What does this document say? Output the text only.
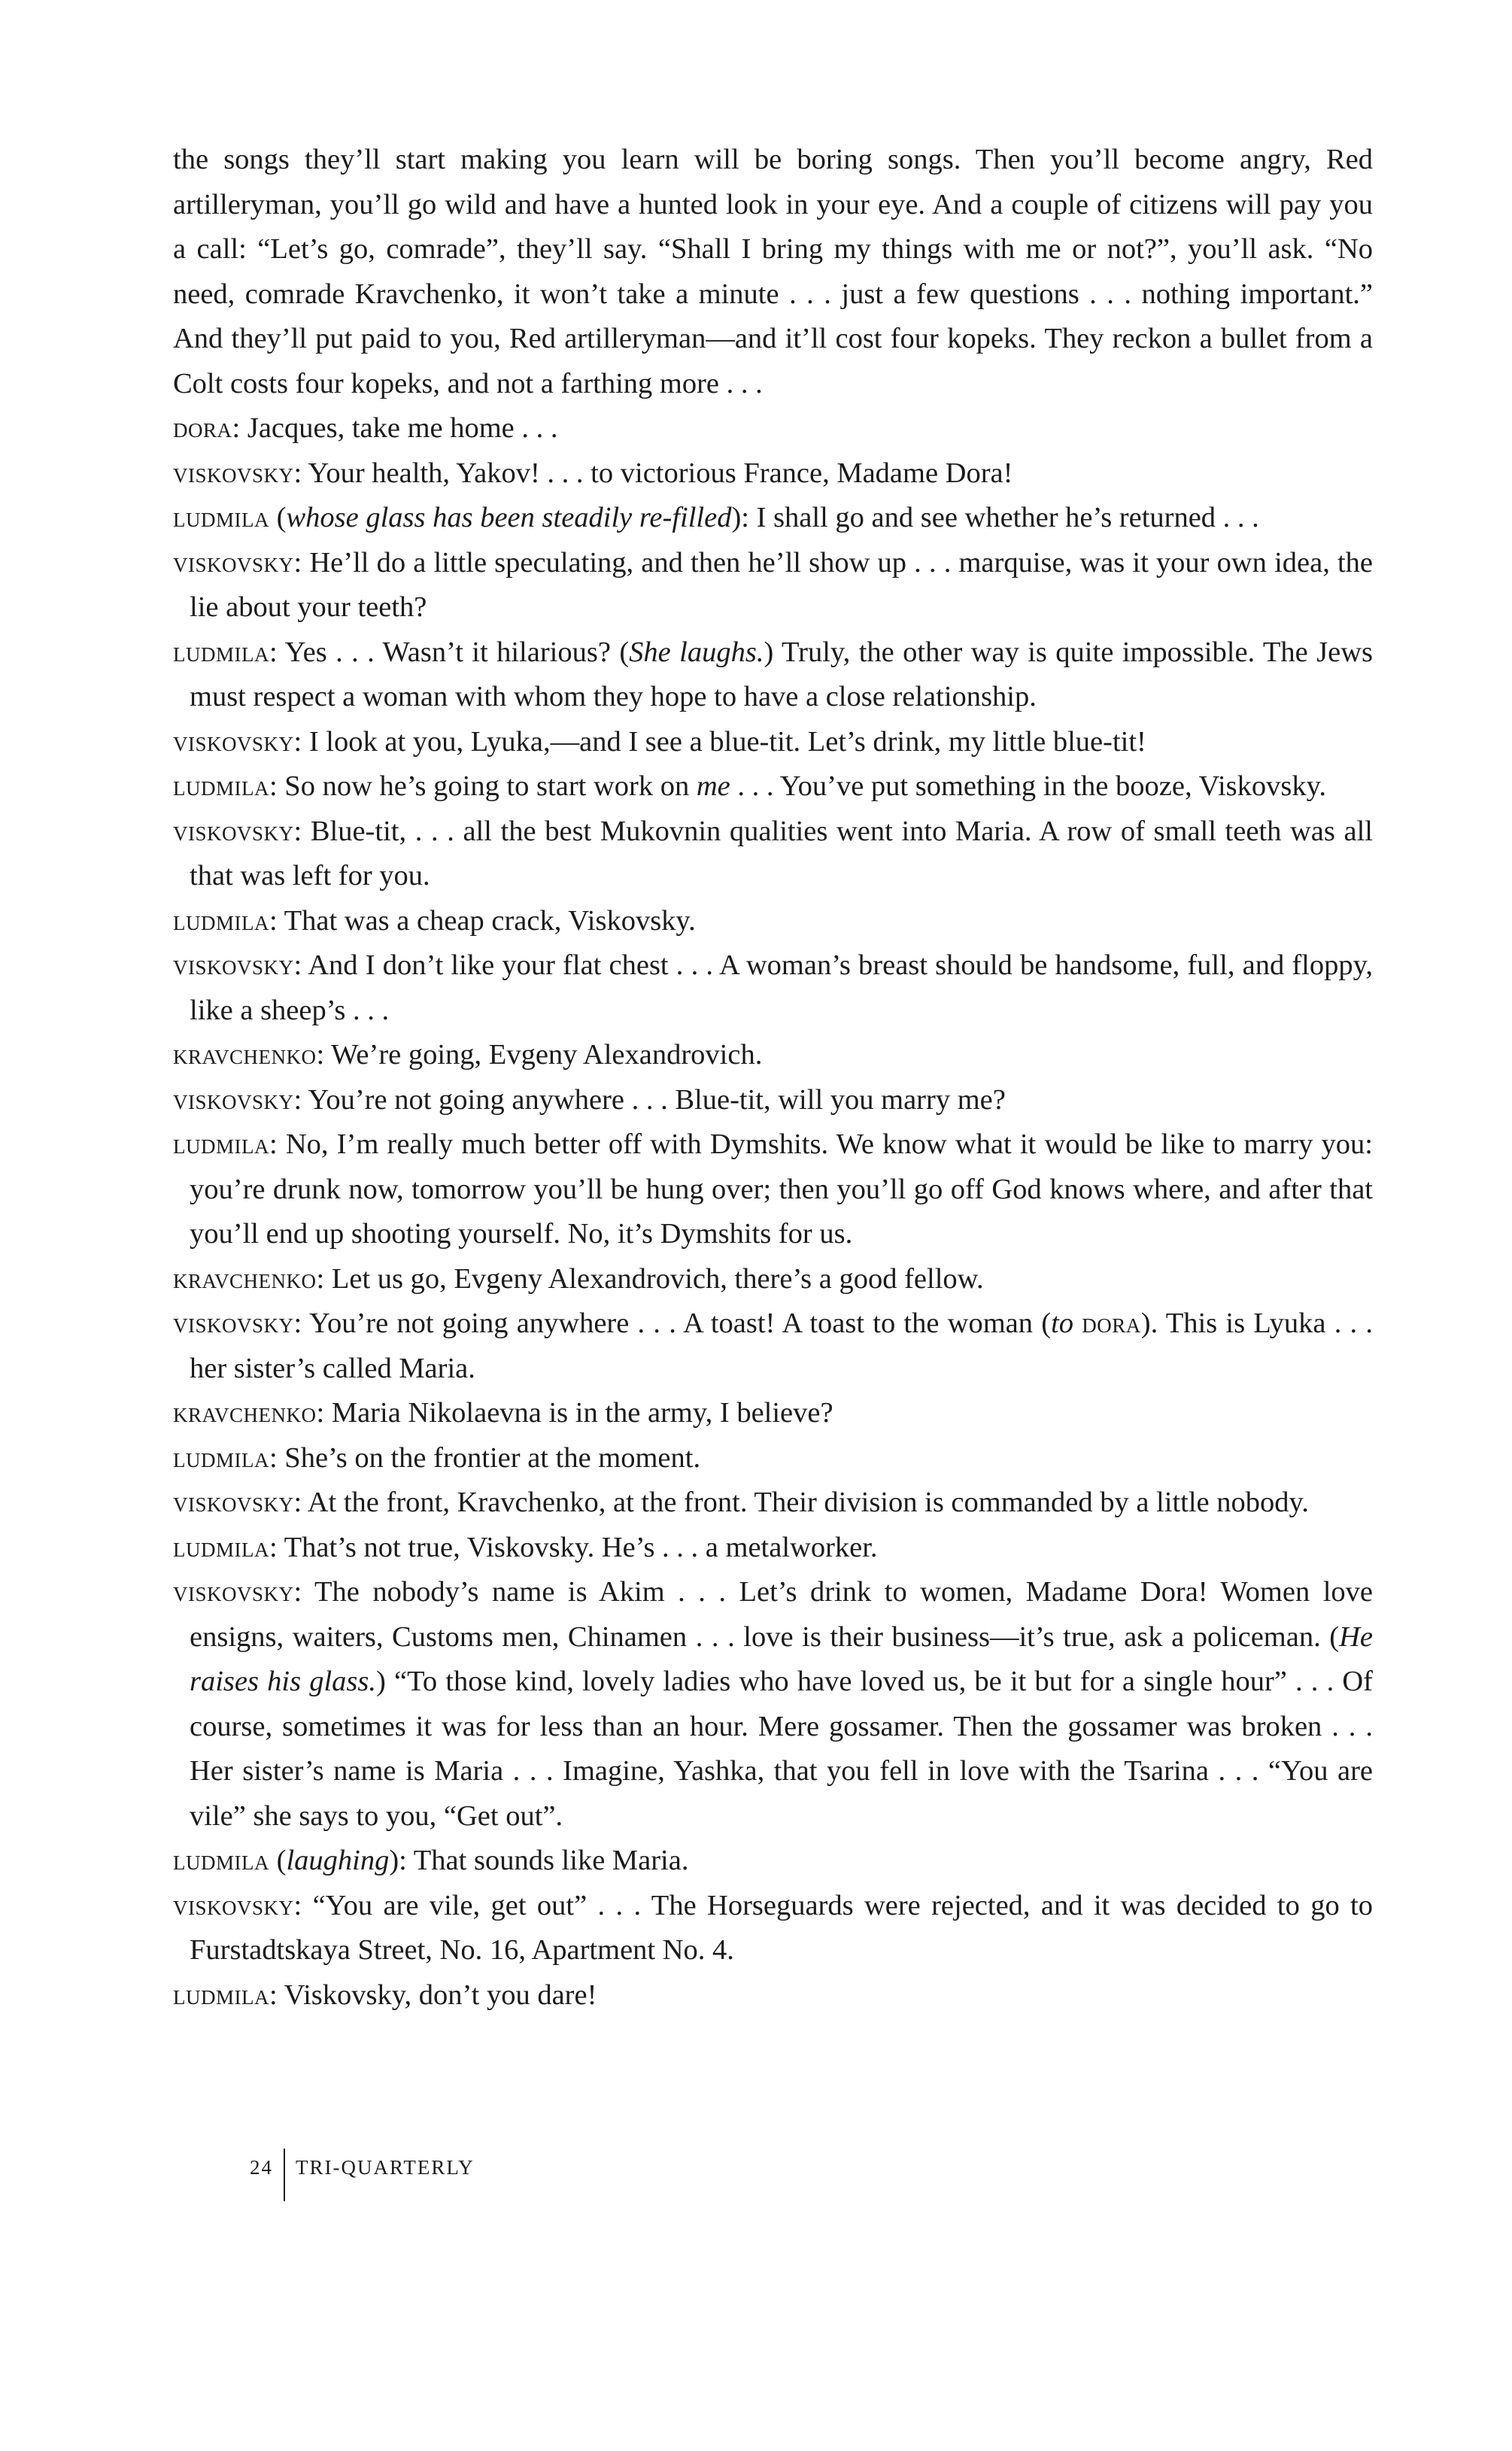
the songs they’ll start making you learn will be boring songs. Then you’ll become angry, Red artilleryman, you’ll go wild and have a hunted look in your eye. And a couple of citizens will pay you a call: “Let’s go, comrade”, they’ll say. “Shall I bring my things with me or not?”, you’ll ask. “No need, comrade Kravchenko, it won’t take a minute . . . just a few questions . . . nothing important.” And they’ll put paid to you, Red artilleryman—and it’ll cost four kopeks. They reckon a bullet from a Colt costs four kopeks, and not a farthing more . . .

dora: Jacques, take me home . . .

viskovsky: Your health, Yakov! . . . to victorious France, Madame Dora!

ludmila (whose glass has been steadily re-filled): I shall go and see whether he’s returned . . .

viskovsky: He’ll do a little speculating, and then he’ll show up . . . marquise, was it your own idea, the lie about your teeth?

ludmila: Yes . . . Wasn’t it hilarious? (She laughs.) Truly, the other way is quite impossible. The Jews must respect a woman with whom they hope to have a close relationship.

viskovsky: I look at you, Lyuka,—and I see a blue-tit. Let’s drink, my little blue-tit!

ludmila: So now he’s going to start work on me . . . You’ve put something in the booze, Viskovsky.

viskovsky: Blue-tit, . . . all the best Mukovnin qualities went into Maria. A row of small teeth was all that was left for you.

ludmila: That was a cheap crack, Viskovsky.

viskovsky: And I don’t like your flat chest . . . A woman’s breast should be handsome, full, and floppy, like a sheep’s . . .

kravchenko: We’re going, Evgeny Alexandrovich.

viskovsky: You’re not going anywhere . . . Blue-tit, will you marry me?

ludmila: No, I’m really much better off with Dymshits. We know what it would be like to marry you: you’re drunk now, tomorrow you’ll be hung over; then you’ll go off God knows where, and after that you’ll end up shooting yourself. No, it’s Dymshits for us.

kravchenko: Let us go, Evgeny Alexandrovich, there’s a good fellow.

viskovsky: You’re not going anywhere . . . A toast! A toast to the woman (to dora). This is Lyuka . . . her sister’s called Maria.

kravchenko: Maria Nikolaevna is in the army, I believe?

ludmila: She’s on the frontier at the moment.

viskovsky: At the front, Kravchenko, at the front. Their division is commanded by a little nobody.

ludmila: That’s not true, Viskovsky. He’s . . . a metalworker.

viskovsky: The nobody’s name is Akim . . . Let’s drink to women, Madame Dora! Women love ensigns, waiters, Customs men, Chinamen . . . love is their business—it’s true, ask a policeman. (He raises his glass.) “To those kind, lovely ladies who have loved us, be it but for a single hour” . . . Of course, sometimes it was for less than an hour. Mere gossamer. Then the gossamer was broken . . . Her sister’s name is Maria . . . Imagine, Yashka, that you fell in love with the Tsarina . . . “You are vile” she says to you, “Get out”.

ludmila (laughing): That sounds like Maria.

viskovsky: “You are vile, get out” . . . The Horseguards were rejected, and it was decided to go to Furstadtskaya Street, No. 16, Apartment No. 4.

ludmila: Viskovsky, don’t you dare!

24	TRI-QUARTERLY
